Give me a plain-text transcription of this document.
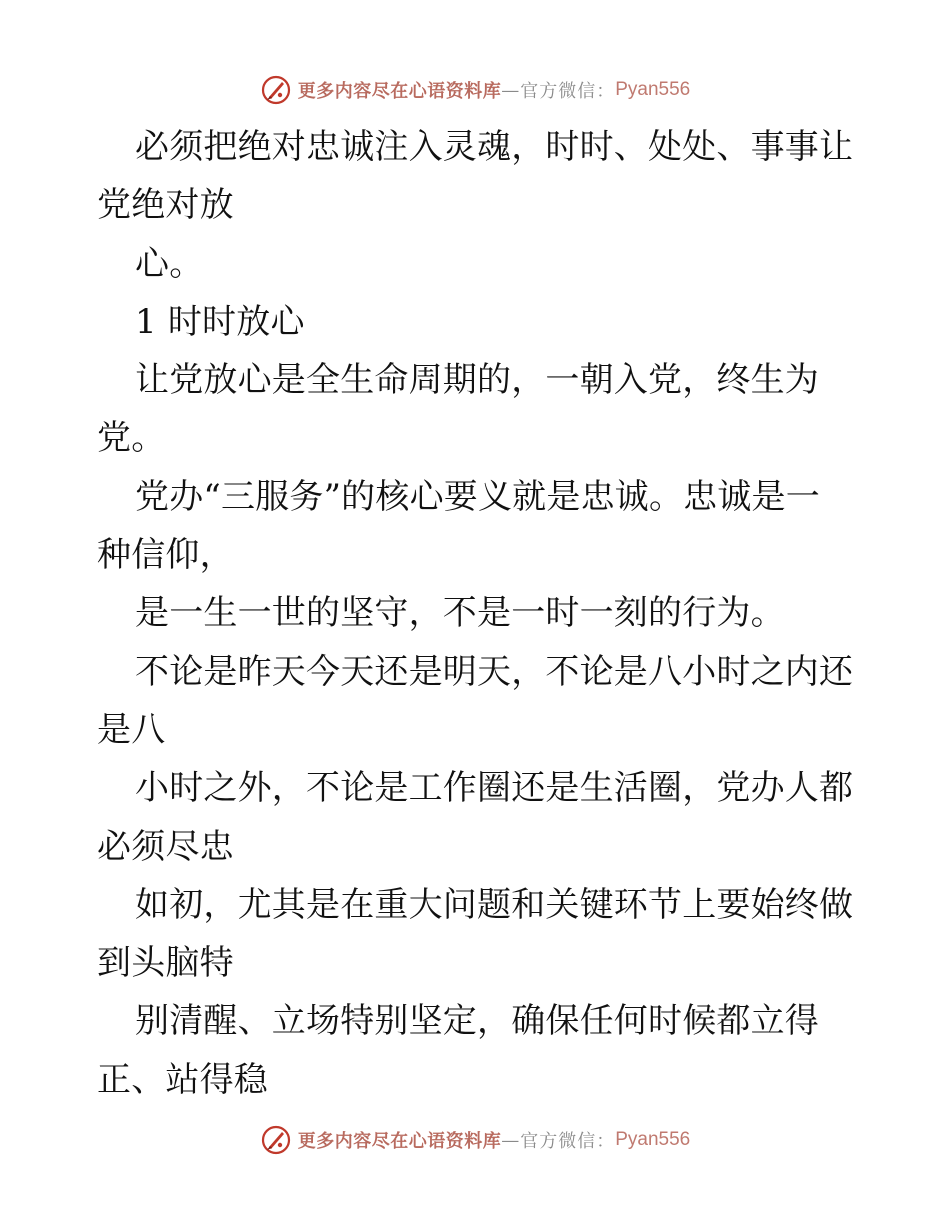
更多内容尽在心语资料库 — 官方微信： Pyan556
必须把绝对忠诚注入灵魂，时时、处处、事事让
党绝对放
心。
1 时时放心
让党放心是全生命周期的，一朝入党，终生为
党。
党办“三服务”的核心要义就是忠诚。忠诚是一
种信仰，
是一生一世的坚守，不是一时一刻的行为。
不论是昨天今天还是明天，不论是八小时之内还
是八
小时之外，不论是工作圈还是生活圈，党办人都
必须尽忠
如初，尤其是在重大问题和关键环节上要始终做
到头脑特
别清醒、立场特别坚定，确保任何时候都立得
正、站得稳
更多内容尽在心语资料库 — 官方微信： Pyan556
